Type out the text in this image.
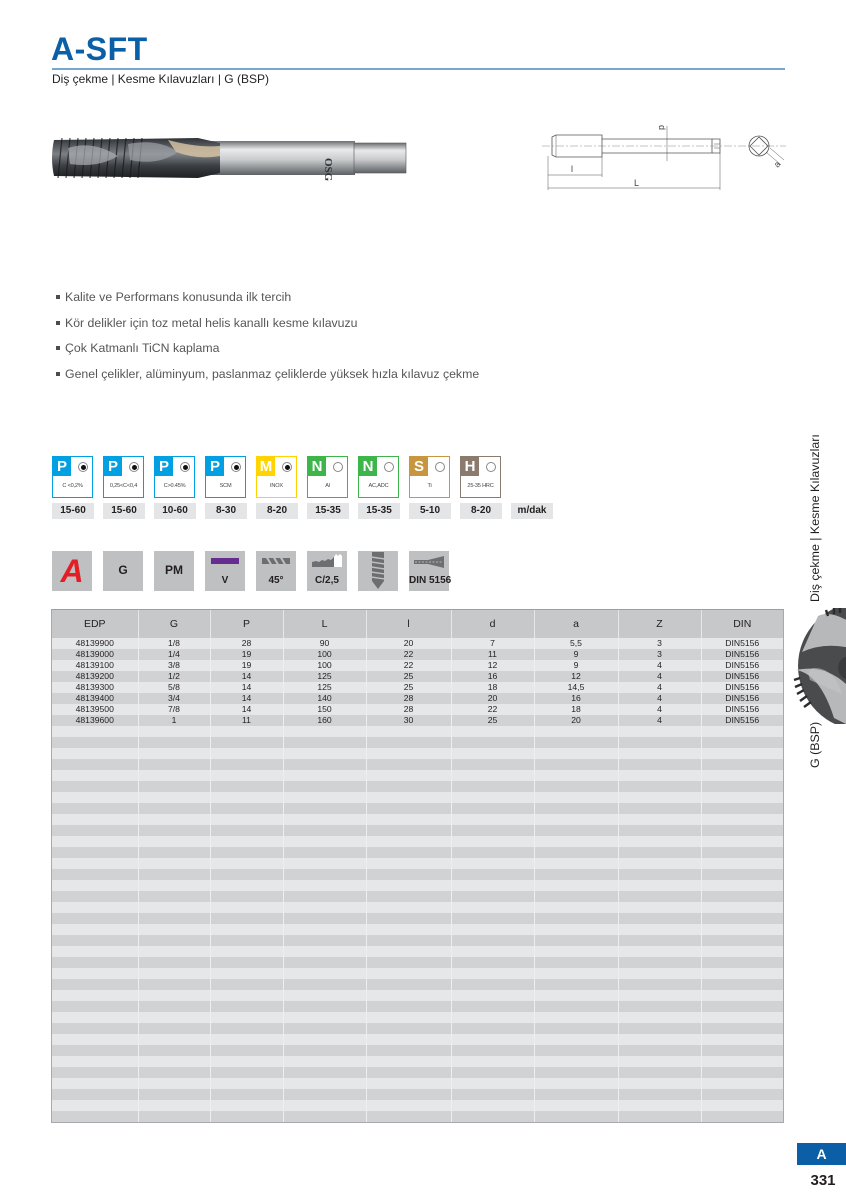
A-SFT
Diş çekme | Kesme Kılavuzları | G (BSP)
OSG
d
l
L
a
Kalite ve Performans konusunda ilk tercih
Kör delikler için toz metal helis kanallı kesme kılavuzu
Çok Katmanlı TiCN kaplama
Genel çelikler, alüminyum, paslanmaz çeliklerde yüksek hızla kılavuz çekme
P
C <0,2%
15-60
P
0,25<C<0,4
15-60
P
C>0.45%
10-60
P
SCM
8-30
M
INOX
8-20
N
Al
15-35
N
AC,ADC
15-35
S
Ti
5-10
H
25-35 HRC
8-20	m/dak
A	G	PM
V	45°	C/2,5	DIN 5156
EDP	G	P	L	l	d	a	Z	DIN
48139900	1/8	28	90	20	7	5,5	3	DIN5156
48139000	1/4	19	100	22	11	9	3	DIN5156
48139100	3/8	19	100	22	12	9	4	DIN5156
48139200	1/2	14	125	25	16	12	4	DIN5156
48139300	5/8	14	125	25	18	14,5	4	DIN5156
48139400	3/4	14	140	28	20	16	4	DIN5156
48139500	7/8	14	150	28	22	18	4	DIN5156
48139600	1	11	160	30	25	20	4	DIN5156

Diş çekme | Kesme Kılavuzları
G (BSP)
A
331
